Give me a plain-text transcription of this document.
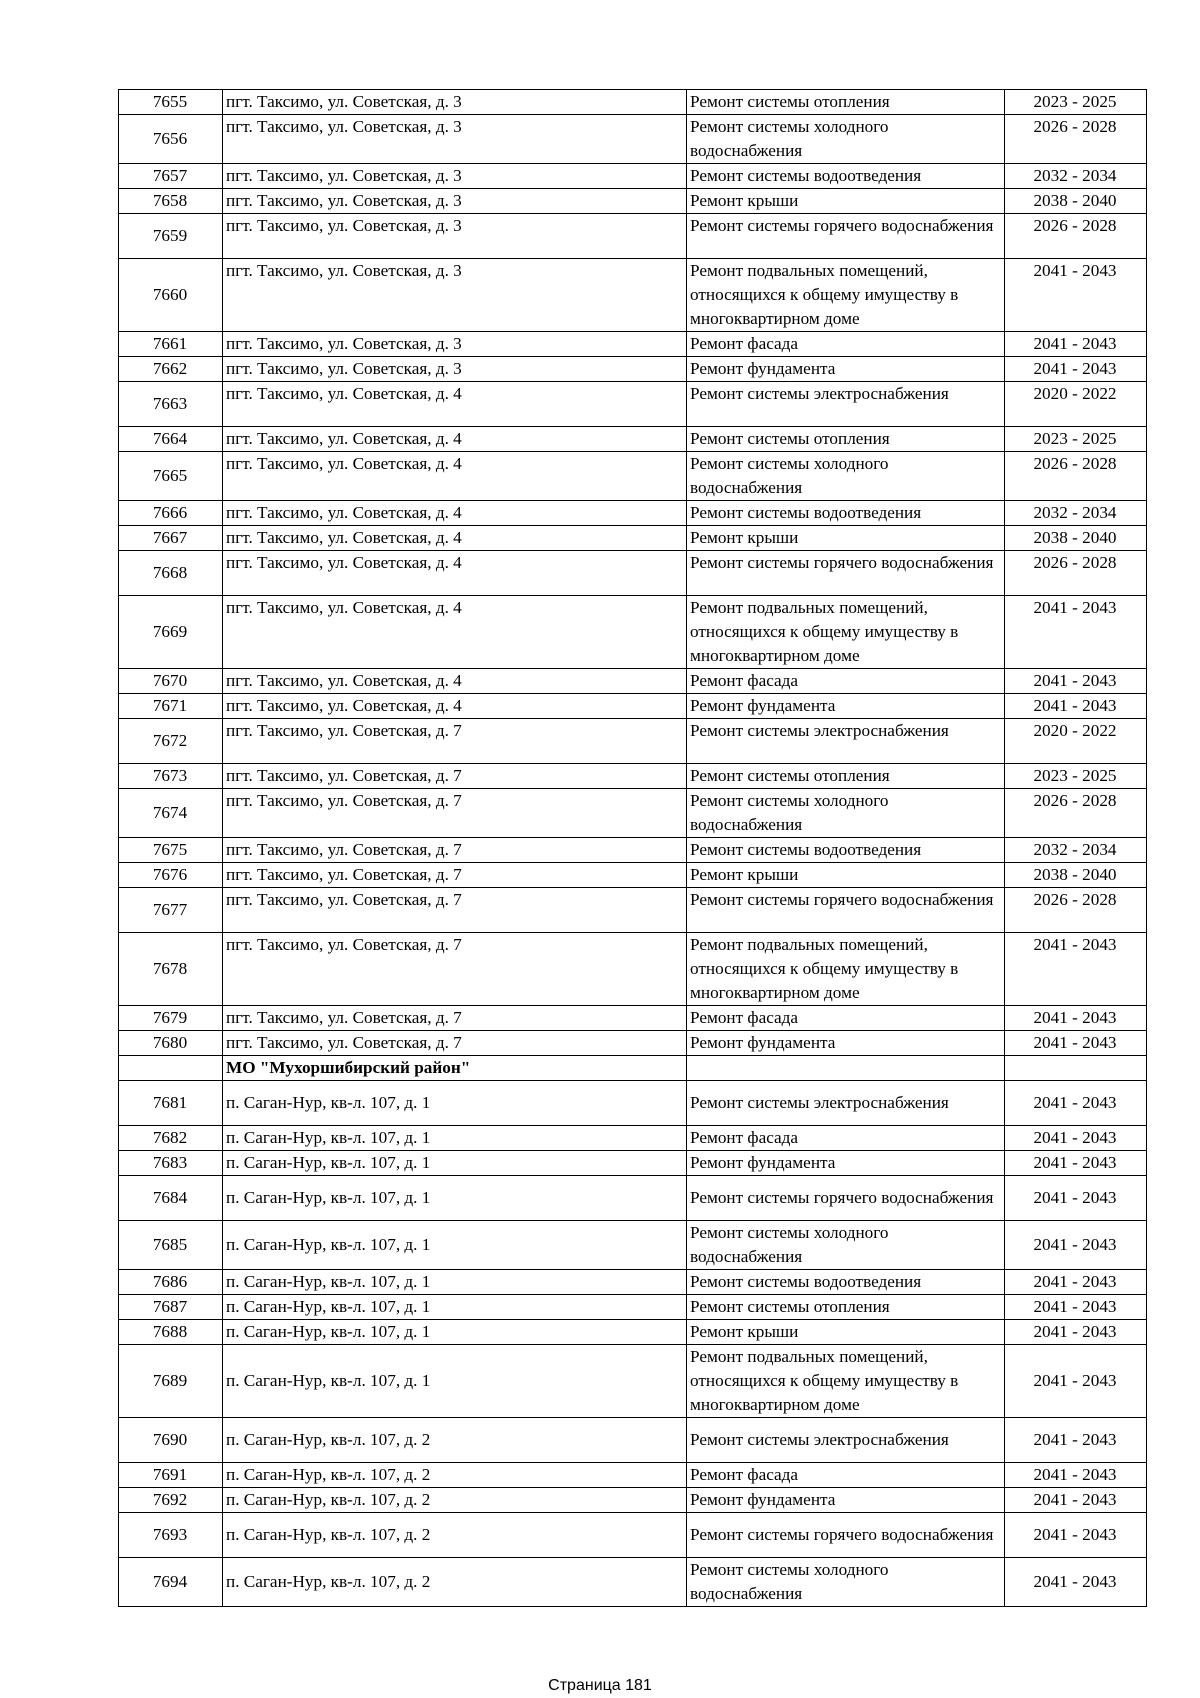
7655	пгт. Таксимо, ул. Советская, д. 3	Ремонт системы отопления	2023 - 2025
7656	пгт. Таксимо, ул. Советская, д. 3	Ремонт системы холодного водоснабжения	2026 - 2028
7657	пгт. Таксимо, ул. Советская, д. 3	Ремонт системы водоотведения	2032 - 2034
7658	пгт. Таксимо, ул. Советская, д. 3	Ремонт крыши	2038 - 2040
7659	пгт. Таксимо, ул. Советская, д. 3	Ремонт системы горячего водоснабжения	2026 - 2028
7660	пгт. Таксимо, ул. Советская, д. 3	Ремонт подвальных помещений, относящихся к общему имуществу в многоквартирном доме	2041 - 2043
7661	пгт. Таксимо, ул. Советская, д. 3	Ремонт фасада	2041 - 2043
7662	пгт. Таксимо, ул. Советская, д. 3	Ремонт фундамента	2041 - 2043
7663	пгт. Таксимо, ул. Советская, д. 4	Ремонт системы электроснабжения	2020 - 2022
7664	пгт. Таксимо, ул. Советская, д. 4	Ремонт системы отопления	2023 - 2025
7665	пгт. Таксимо, ул. Советская, д. 4	Ремонт системы холодного водоснабжения	2026 - 2028
7666	пгт. Таксимо, ул. Советская, д. 4	Ремонт системы водоотведения	2032 - 2034
7667	пгт. Таксимо, ул. Советская, д. 4	Ремонт крыши	2038 - 2040
7668	пгт. Таксимо, ул. Советская, д. 4	Ремонт системы горячего водоснабжения	2026 - 2028
7669	пгт. Таксимо, ул. Советская, д. 4	Ремонт подвальных помещений, относящихся к общему имуществу в многоквартирном доме	2041 - 2043
7670	пгт. Таксимо, ул. Советская, д. 4	Ремонт фасада	2041 - 2043
7671	пгт. Таксимо, ул. Советская, д. 4	Ремонт фундамента	2041 - 2043
7672	пгт. Таксимо, ул. Советская, д. 7	Ремонт системы электроснабжения	2020 - 2022
7673	пгт. Таксимо, ул. Советская, д. 7	Ремонт системы отопления	2023 - 2025
7674	пгт. Таксимо, ул. Советская, д. 7	Ремонт системы холодного водоснабжения	2026 - 2028
7675	пгт. Таксимо, ул. Советская, д. 7	Ремонт системы водоотведения	2032 - 2034
7676	пгт. Таксимо, ул. Советская, д. 7	Ремонт крыши	2038 - 2040
7677	пгт. Таксимо, ул. Советская, д. 7	Ремонт системы горячего водоснабжения	2026 - 2028
7678	пгт. Таксимо, ул. Советская, д. 7	Ремонт подвальных помещений, относящихся к общему имуществу в многоквартирном доме	2041 - 2043
7679	пгт. Таксимо, ул. Советская, д. 7	Ремонт фасада	2041 - 2043
7680	пгт. Таксимо, ул. Советская, д. 7	Ремонт фундамента	2041 - 2043
	МО "Мухоршибирский район"		
7681	п. Саган-Нур, кв-л. 107, д. 1	Ремонт системы электроснабжения	2041 - 2043
7682	п. Саган-Нур, кв-л. 107, д. 1	Ремонт фасада	2041 - 2043
7683	п. Саган-Нур, кв-л. 107, д. 1	Ремонт фундамента	2041 - 2043
7684	п. Саган-Нур, кв-л. 107, д. 1	Ремонт системы горячего водоснабжения	2041 - 2043
7685	п. Саган-Нур, кв-л. 107, д. 1	Ремонт системы холодного водоснабжения	2041 - 2043
7686	п. Саган-Нур, кв-л. 107, д. 1	Ремонт системы водоотведения	2041 - 2043
7687	п. Саган-Нур, кв-л. 107, д. 1	Ремонт системы отопления	2041 - 2043
7688	п. Саган-Нур, кв-л. 107, д. 1	Ремонт крыши	2041 - 2043
7689	п. Саган-Нур, кв-л. 107, д. 1	Ремонт подвальных помещений, относящихся к общему имуществу в многоквартирном доме	2041 - 2043
7690	п. Саган-Нур, кв-л. 107, д. 2	Ремонт системы электроснабжения	2041 - 2043
7691	п. Саган-Нур, кв-л. 107, д. 2	Ремонт фасада	2041 - 2043
7692	п. Саган-Нур, кв-л. 107, д. 2	Ремонт фундамента	2041 - 2043
7693	п. Саган-Нур, кв-л. 107, д. 2	Ремонт системы горячего водоснабжения	2041 - 2043
7694	п. Саган-Нур, кв-л. 107, д. 2	Ремонт системы холодного водоснабжения	2041 - 2043
Страница 181
